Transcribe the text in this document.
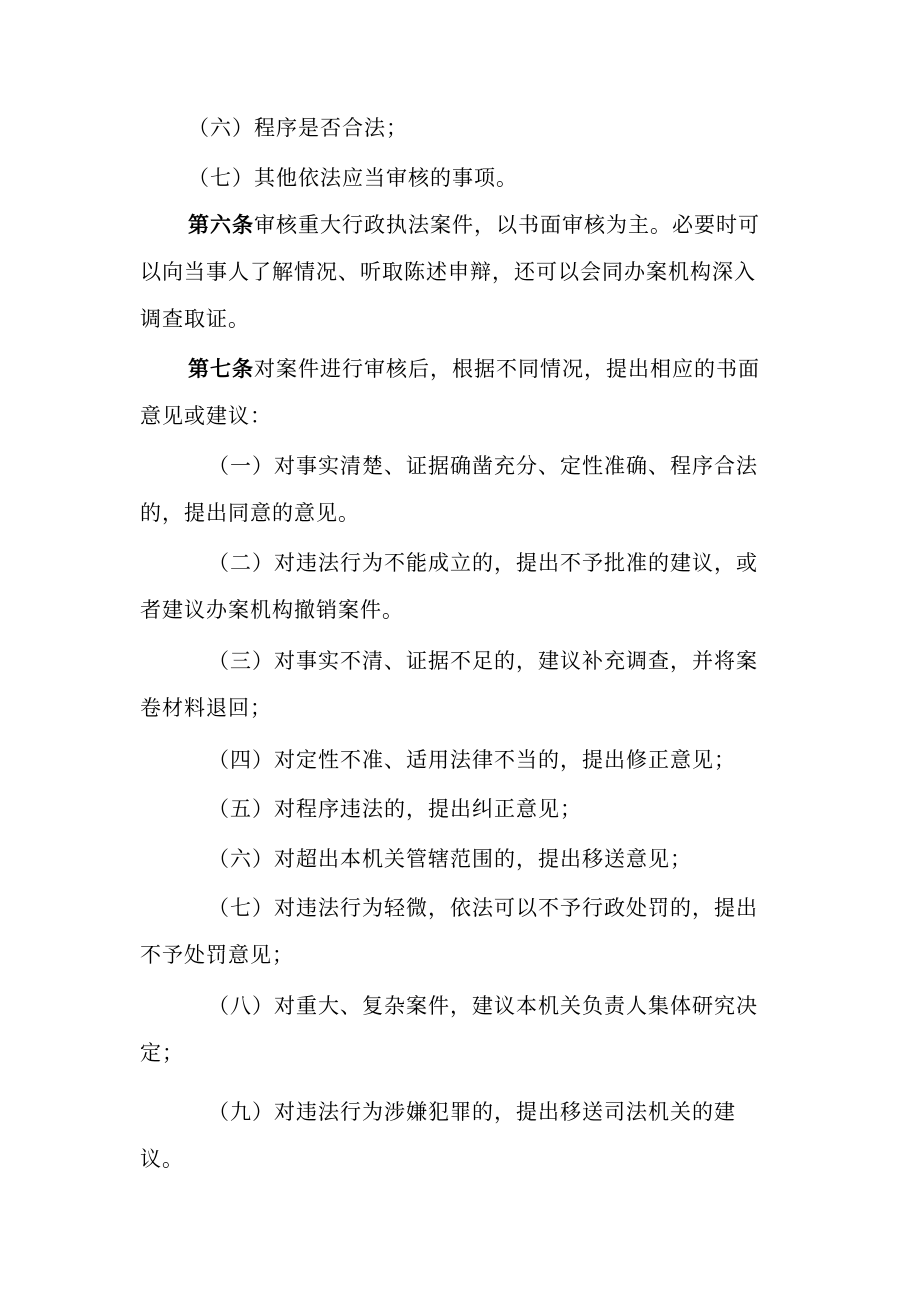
（六）程序是否合法；

（七）其他依法应当审核的事项。

第六条审核重大行政执法案件，以书面审核为主。必要时可
以向当事人了解情况、听取陈述申辩，还可以会同办案机构深入
调查取证。
第七条对案件进行审核后，根据不同情况，提出相应的书面
意见或建议：
（一）对事实清楚、证据确凿充分、定性准确、程序合法
的，提出同意的意见。
（二）对违法行为不能成立的，提出不予批准的建议，或
者建议办案机构撤销案件。
（三）对事实不清、证据不足的，建议补充调查，并将案
卷材料退回；
（四）对定性不准、适用法律不当的，提出修正意见；
（五）对程序违法的，提出纠正意见；
（六）对超出本机关管辖范围的，提出移送意见；
（七）对违法行为轻微，依法可以不予行政处罚的，提出
不予处罚意见；
（八）对重大、复杂案件，建议本机关负责人集体研究决
定；
（九）对违法行为涉嫌犯罪的，提出移送司法机关的建
议。
